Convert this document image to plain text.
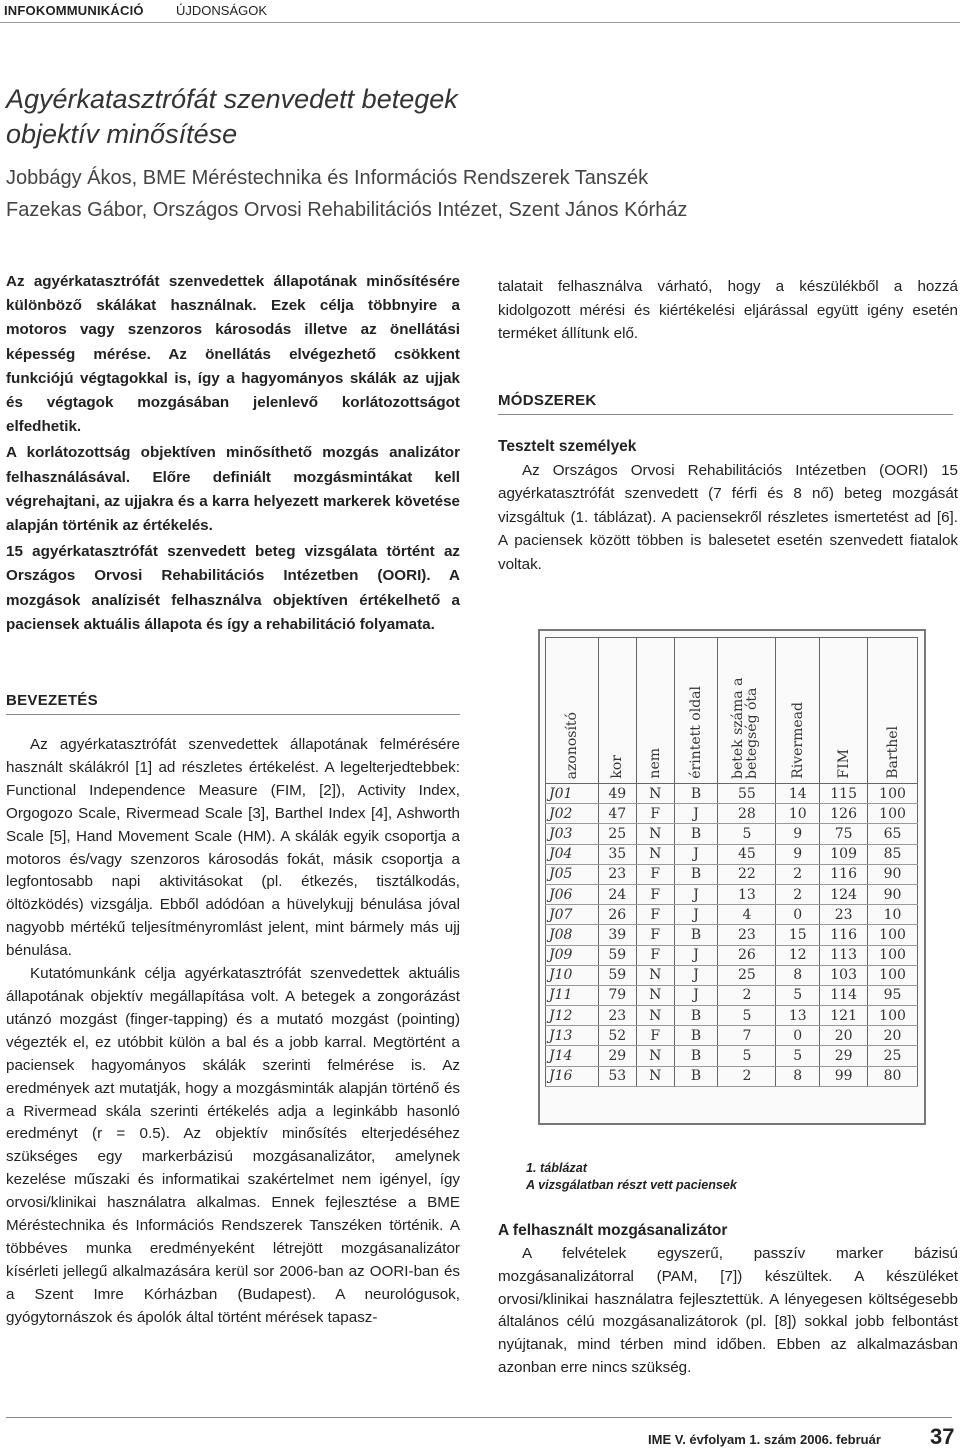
INFOKOMMUNIKÁCIÓ ÚJDONSÁGOK
Agyérkatasztrófát szenvedett betegek
objektív minősítése
Jobbágy Ákos, BME Méréstechnika és Információs Rendszerek Tanszék
Fazekas Gábor, Országos Orvosi Rehabilitációs Intézet, Szent János Kórház

Az agyérkatasztrófát szenvedettek állapotának minősítésére különböző skálákat használnak. Ezek célja többnyire a motoros vagy szenzoros károsodás illetve az önellátási képesség mérése. Az önellátás elvégezhető csökkent funkciójú végtagokkal is, így a hagyományos skálák az ujjak és végtagok mozgásában jelenlevő korlátozottságot elfedhetik.

A korlátozottság objektíven minősíthető mozgás analizátor felhasználásával. Előre definiált mozgásmintákat kell végrehajtani, az ujjakra és a karra helyezett markerek követése alapján történik az értékelés.

15 agyérkatasztrófát szenvedett beteg vizsgálata történt az Országos Orvosi Rehabilitációs Intézetben (OORI). A mozgások analízisét felhasználva objektíven értékelhető a paciensek aktuális állapota és így a rehabilitáció folyamata.

talatait felhasználva várható, hogy a készülékből a hozzá kidolgozott mérési és kiértékelési eljárással együtt igény esetén terméket állítunk elő.
MÓDSZEREK
Tesztelt személyek
Az Országos Orvosi Rehabilitációs Intézetben (OORI) 15 agyérkatasztrófát szenvedett (7 férfi és 8 nő) beteg mozgását vizsgáltuk (1. táblázat). A paciensekről részletes ismertetést ad [6]. A paciensek között többen is balesetet esetén szenvedett fiatalok voltak.
azonosító	kor	nem	érintett oldal	betek száma a betegség óta	Rivermead	FIM	Barthel

J01	49	N	B	55	14	115	100
J02	47	F	J	28	10	126	100
J03	25	N	B	5	9	75	65
J04	35	N	J	45	9	109	85
J05	23	F	B	22	2	116	90
J06	24	F	J	13	2	124	90
J07	26	F	J	4	0	23	10
J08	39	F	B	23	15	116	100
J09	59	F	J	26	12	113	100
J10	59	N	J	25	8	103	100
J11	79	N	J	2	5	114	95
J12	23	N	B	5	13	121	100
J13	52	F	B	7	0	20	20
J14	29	N	B	5	5	29	25
J16	53	N	B	2	8	99	80
1. táblázat
A vizsgálatban részt vett paciensek
A felhasznált mozgásanalizátor
A felvételek egyszerű, passzív marker bázisú mozgásanalizátorral (PAM, [7]) készültek. A készüléket orvosi/klinikai használatra fejlesztettük. A lényegesen költségesebb általános célú mozgásanalizátorok (pl. [8]) sokkal jobb felbontást nyújtanak, mind térben mind időben. Ebben az alkalmazásban azonban erre nincs szükség.
BEVEZETÉS
Az agyérkatasztrófát szenvedettek állapotának felmérésére használt skálákról [1] ad részletes értékelést. A legelterjedtebbek: Functional Independence Measure (FIM, [2]), Activity Index, Orgogozo Scale, Rivermead Scale [3], Barthel Index [4], Ashworth Scale [5], Hand Movement Scale (HM). A skálák egyik csoportja a motoros és/vagy szenzoros károsodás fokát, másik csoportja a legfontosabb napi aktivitásokat (pl. étkezés, tisztálkodás, öltözködés) vizsgálja. Ebből adódóan a hüvelykujj bénulása jóval nagyobb mértékű teljesítményromlást jelent, mint bármely más ujj bénulása.
Kutatómunkánk célja agyérkatasztrófát szenvedettek aktuális állapotának objektív megállapítása volt. A betegek a zongorázást utánzó mozgást (finger-tapping) és a mutató mozgást (pointing) végezték el, ez utóbbit külön a bal és a jobb karral. Megtörtént a paciensek hagyományos skálák szerinti felmérése is. Az eredmények azt mutatják, hogy a mozgásminták alapján történő és a Rivermead skála szerinti értékelés adja a leginkább hasonló eredményt (r = 0.5). Az objektív minősítés elterjedéséhez szükséges egy markerbázisú mozgásanalizátor, amelynek kezelése műszaki és informatikai szakértelmet nem igényel, így orvosi/klinikai használatra alkalmas. Ennek fejlesztése a BME Méréstechnika és Információs Rendszerek Tanszéken történik. A többéves munka eredményeként létrejött mozgásanalizátor kísérleti jellegű alkalmazására kerül sor 2006-ban az OORI-ban és a Szent Imre Kórházban (Budapest). A neurológusok, gyógytornászok és ápolók által történt mérések tapasz-
IME V. évfolyam 1. szám 2006. február 37
